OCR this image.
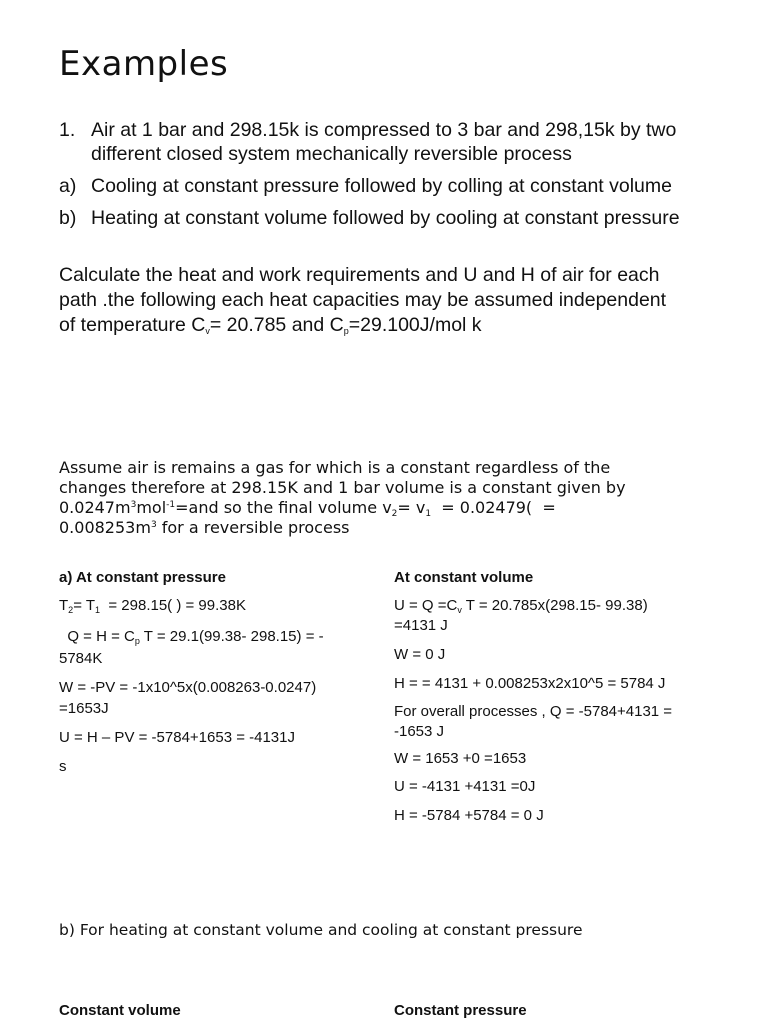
Examples
1. Air at 1 bar and 298.15k is compressed to 3 bar and 298,15k by two different closed system mechanically reversible process
a) Cooling at constant pressure followed by colling at constant volume
b) Heating at constant volume followed by cooling at constant pressure
Calculate the heat and work requirements and U and H of air for each
path .the following each heat capacities may be assumed independent
of temperature $C_v= 20.785$ and $C_p=29.100J$/mol k
Assume air is remains a gas for which is a constant regardless of the
changes therefore at 298.15K and 1 bar volume is a constant given by
$0.0247m^3mol^{-1}=and$ so the final volume $v_2= v_1 = 0.02479$(  =
$0.008253m^3$ for a reversible process

a) At constant pressure

$T_2= T_1 = 298.15$( ) = 99.38K

$Q = H = C_p$ T = 29.1(99.38- 298.15) = -

5784K

W = -PV = -1x10^5x(0.008263-0.0247)

=1653J

U = H – PV = -5784+1653 = -4131J

s

At constant volume

$U = Q =C_v$ T = 20.785x(298.15- 99.38)

=4131 J

W = 0 J

H = = 4131 + 0.008253x2x10^5 = 5784 J

For overall processes , Q = -5784+4131 =

-1653 J

W = 1653 +0 =1653

U = -4131 +4131 =0J

H = -5784 +5784 = 0 J

b) For heating at constant volume and cooling at constant pressure
Constant volume	Constant pressure
